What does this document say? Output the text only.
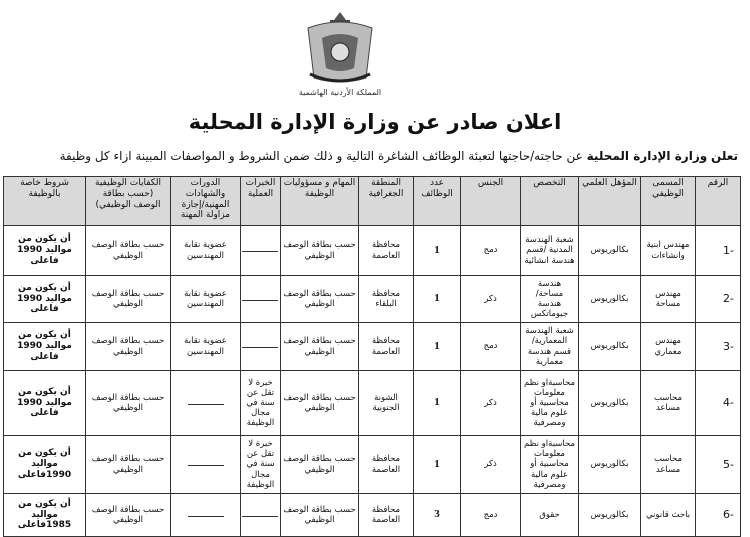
المملكة الأردنية الهاشمية
اعلان صادر عن وزارة الإدارة المحلية
تعلن وزارة الإدارة المحلية عن حاجته/حاجتها لتعبئة الوظائف الشاغرة التالية و ذلك ضمن الشروط و المواصفات المبينة ازاء كل وظيفة
الرقم	المسمى الوظيفي	المؤهل العلمي	التخصص	الجنس	عدد الوظائف	المنطقة الجغرافية	المهام و مسؤوليات الوظيفة	الخبرات العملية	الدورات والشهادات المهنية/إجازة مزاولة المهنة	الكفايات الوظيفية (حسب بطاقة الوصف الوظيفي)	شروط خاصة بالوظيفة
-1	مهندس ابنية وانشاءات	بكالوريوس	شعبة الهندسة المدنية /قسم هندسة انشائية	دمج	1	محافظة العاصمة	حسب بطاقة الوصف الوظيفي		عضوية نقابة المهندسين	حسب بطاقة الوصف الوظيفي	أن يكون من مواليد 1990 فاعلى
-2	مهندس مساحة	بكالوريوس	هندسة مساحة/ هندسة جيوماتكس	ذكر	1	محافظة البلقاء	حسب بطاقة الوصف الوظيفي		عضوية نقابة المهندسين	حسب بطاقة الوصف الوظيفي	أن يكون من مواليد 1990 فاعلى
-3	مهندس معماري	بكالوريوس	شعبة الهندسة المعمارية/ قسم هندسة معمارية	دمج	1	محافظة العاصمة	حسب بطاقة الوصف الوظيفي		عضوية نقابة المهندسين	حسب بطاقة الوصف الوظيفي	أن يكون من مواليد 1990 فاعلى
-4	محاسب مساعد	بكالوريوس	محاسبةاو نظم معلومات محاسبية أو علوم مالية ومصرفية	ذكر	1	الشونة الجنوبية	حسب بطاقة الوصف الوظيفي	خبرة لا تقل عن سنة في مجال الوظيفة		حسب بطاقة الوصف الوظيفي	أن يكون من مواليد 1990 فاعلى
-5	محاسب مساعد	بكالوريوس	محاسبةاو نظم معلومات محاسبية أو علوم مالية ومصرفية	ذكر	1	محافظة العاصمة	حسب بطاقة الوصف الوظيفي	خبرة لا تقل عن سنة في مجال الوظيفة		حسب بطاقة الوصف الوظيفي	أن يكون من مواليد 1990فاعلى
-6	باحث قانوني	بكالوريوس	حقوق	دمج	3	محافظة العاصمة	حسب بطاقة الوصف الوظيفي			حسب بطاقة الوصف الوظيفي	أن يكون من مواليد 1985فاعلى
